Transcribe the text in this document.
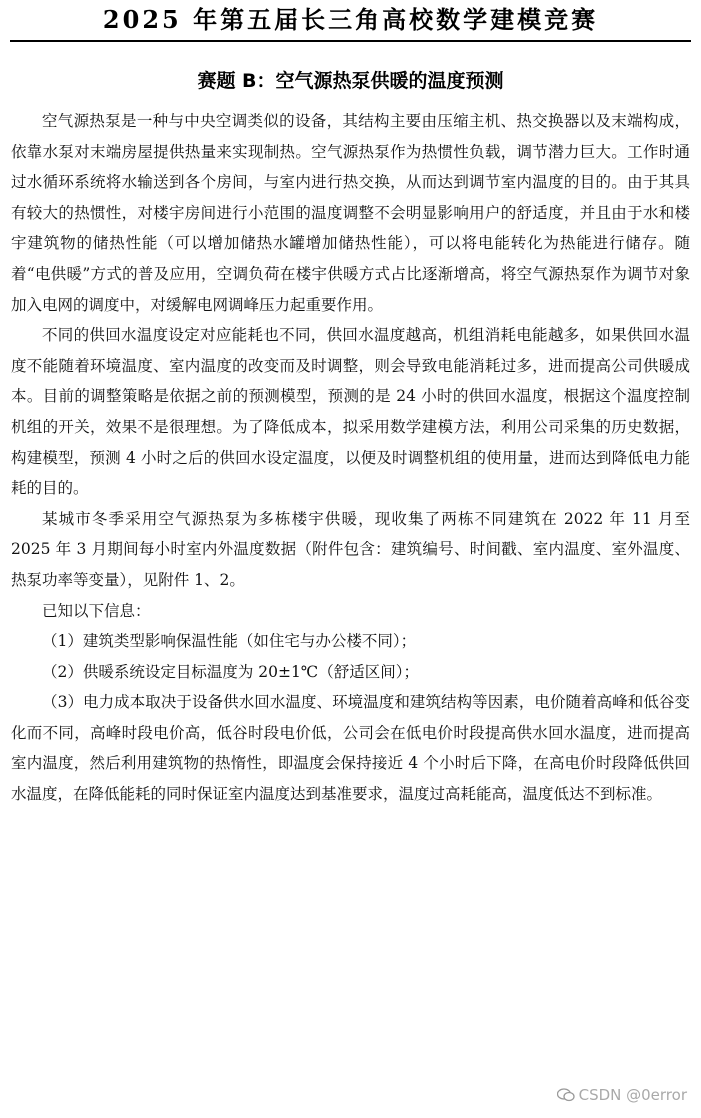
2025 年第五届长三角高校数学建模竞赛
赛题 B：空气源热泵供暖的温度预测

空气源热泵是一种与中央空调类似的设备，其结构主要由压缩主机、热交换器以及末端构成，依靠水泵对末端房屋提供热量来实现制热。空气源热泵作为热惯性负载，调节潜力巨大。工作时通过水循环系统将水输送到各个房间，与室内进行热交换，从而达到调节室内温度的目的。由于其具有较大的热惯性，对楼宇房间进行小范围的温度调整不会明显影响用户的舒适度，并且由于水和楼宇建筑物的储热性能（可以增加储热水罐增加储热性能），可以将电能转化为热能进行储存。随着“电供暖”方式的普及应用，空调负荷在楼宇供暖方式占比逐渐增高，将空气源热泵作为调节对象加入电网的调度中，对缓解电网调峰压力起重要作用。

不同的供回水温度设定对应能耗也不同，供回水温度越高，机组消耗电能越多，如果供回水温度不能随着环境温度、室内温度的改变而及时调整，则会导致电能消耗过多，进而提高公司供暖成本。目前的调整策略是依据之前的预测模型，预测的是 24 小时的供回水温度，根据这个温度控制机组的开关，效果不是很理想。为了降低成本，拟采用数学建模方法，利用公司采集的历史数据，构建模型，预测 4 小时之后的供回水设定温度，以便及时调整机组的使用量，进而达到降低电力能耗的目的。

某城市冬季采用空气源热泵为多栋楼宇供暖，现收集了两栋不同建筑在 2022 年 11 月至 2025 年 3 月期间每小时室内外温度数据（附件包含：建筑编号、时间戳、室内温度、室外温度、热泵功率等变量），见附件 1、2。

已知以下信息：

（1）建筑类型影响保温性能（如住宅与办公楼不同）；

（2）供暖系统设定目标温度为 20±1℃（舒适区间）；

（3）电力成本取决于设备供水回水温度、环境温度和建筑结构等因素，电价随着高峰和低谷变化而不同，高峰时段电价高，低谷时段电价低，公司会在低电价时段提高供水回水温度，进而提高室内温度，然后利用建筑物的热惰性，即温度会保持接近 4 个小时后下降，在高电价时段降低供回水温度，在降低能耗的同时保证室内温度达到基准要求，温度过高耗能高，温度低达不到标准。

CSDN @0error
